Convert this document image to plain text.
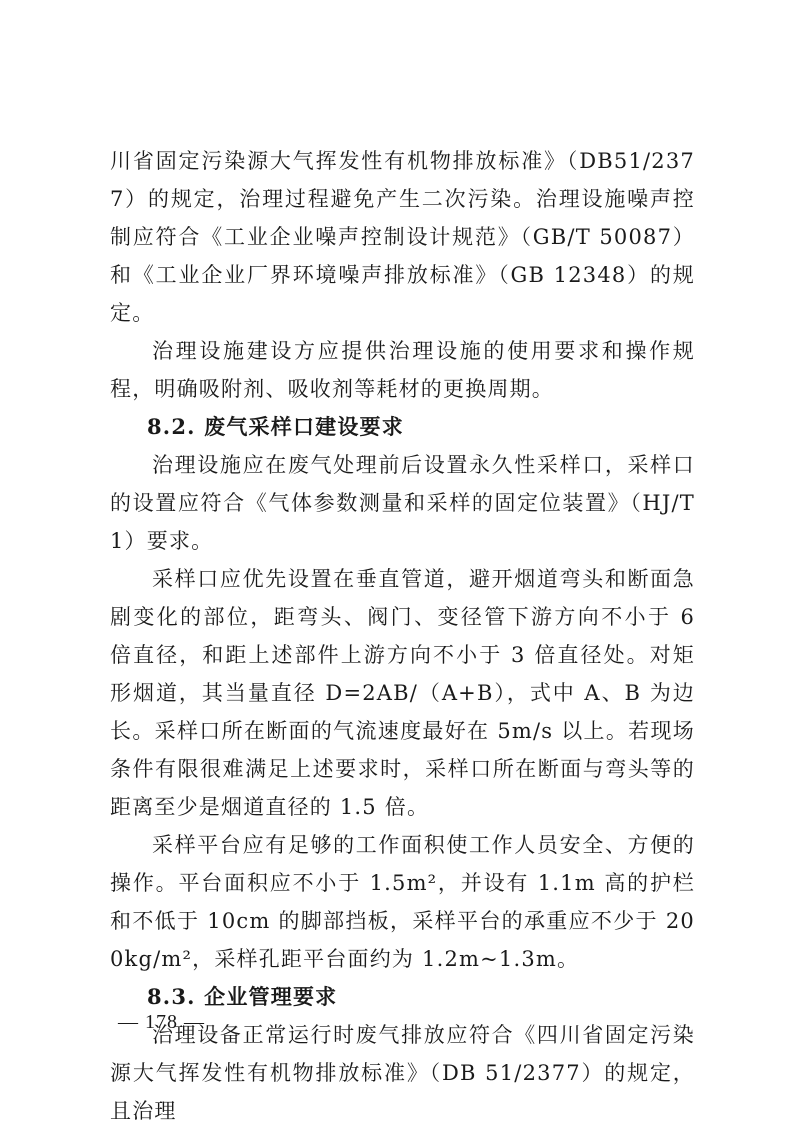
川省固定污染源大气挥发性有机物排放标准》（DB51/2377）的规定，治理过程避免产生二次污染。治理设施噪声控制应符合《工业企业噪声控制设计规范》（GB/T 50087）和《工业企业厂界环境噪声排放标准》（GB 12348）的规定。

治理设施建设方应提供治理设施的使用要求和操作规程，明确吸附剂、吸收剂等耗材的更换周期。

8.2. 废气采样口建设要求

治理设施应在废气处理前后设置永久性采样口，采样口的设置应符合《气体参数测量和采样的固定位装置》（HJ/T 1）要求。

采样口应优先设置在垂直管道，避开烟道弯头和断面急剧变化的部位，距弯头、阀门、变径管下游方向不小于 6 倍直径，和距上述部件上游方向不小于 3 倍直径处。对矩形烟道，其当量直径 D=2AB/（A+B），式中 A、B 为边长。采样口所在断面的气流速度最好在 5m/s 以上。若现场条件有限很难满足上述要求时，采样口所在断面与弯头等的距离至少是烟道直径的 1.5 倍。

采样平台应有足够的工作面积使工作人员安全、方便的操作。平台面积应不小于 1.5m²，并设有 1.1m 高的护栏和不低于 10cm 的脚部挡板，采样平台的承重应不少于 200kg/m²，采样孔距平台面约为 1.2m~1.3m。

8.3. 企业管理要求

治理设备正常运行时废气排放应符合《四川省固定污染源大气挥发性有机物排放标准》（DB 51/2377）的规定，且治理

— 178 —
